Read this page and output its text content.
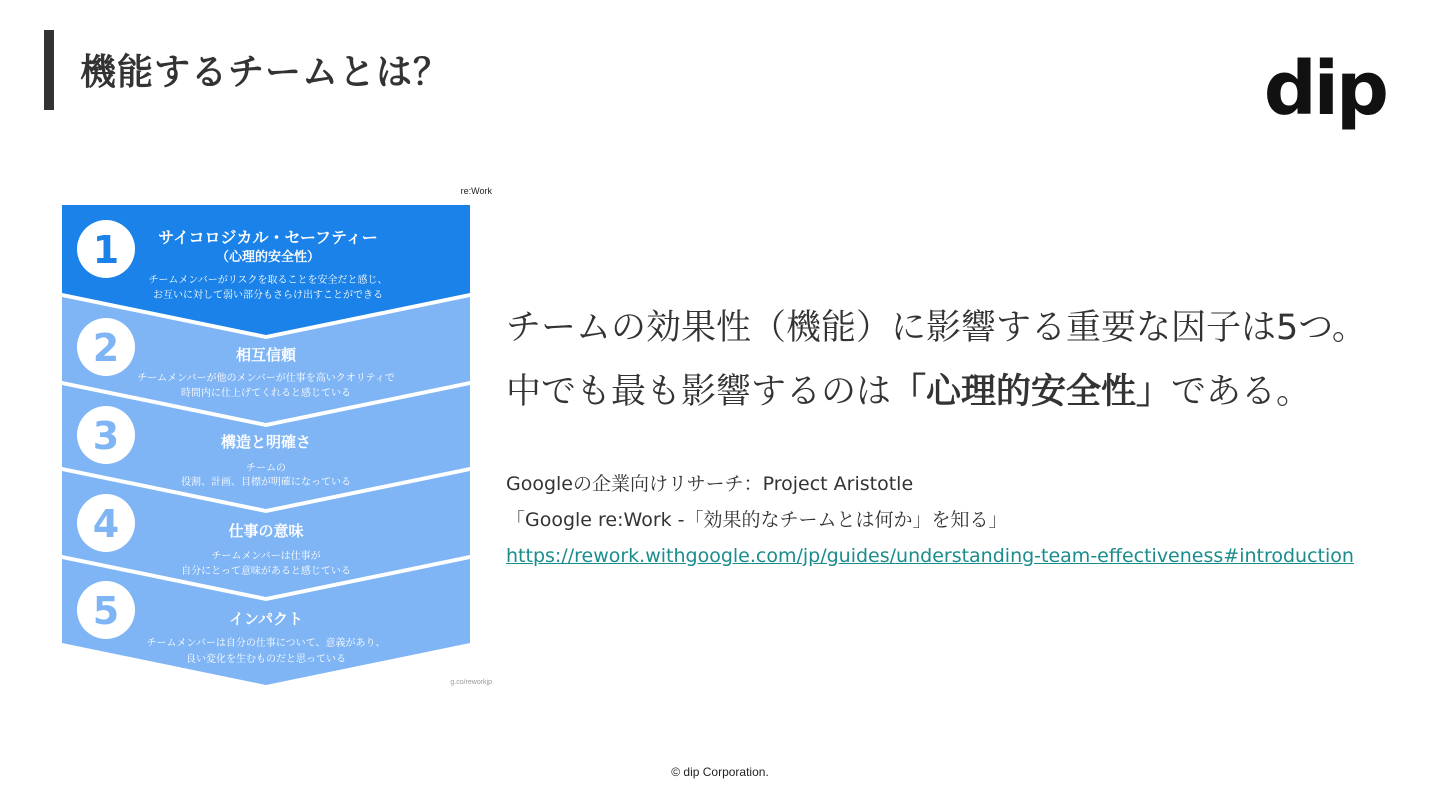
機能するチームとは？	dip
re:Work
1 サイコロジカル・セーフティー
（心理的安全性）
チームメンバーがリスクを取ることを安全だと感じ、
お互いに対して弱い部分もさらけ出すことができる
2	相互信頼
チームメンバーが他のメンバーが仕事を高いクオリティで
時間内に仕上げてくれると感じている
3	構造と明確さ
チームの
役割、計画、目標が明確になっている
4	仕事の意味
チームメンバーは仕事が
自分にとって意味があると感じている
5	インパクト
チームメンバーは自分の仕事について、意義があり、
良い変化を生むものだと思っている
g.co/reworkjp
チームの効果性（機能）に影響する重要な因子は5つ。
中でも最も影響するのは「心理的安全性」である。
Googleの企業向けリサーチ：Project Aristotle
「Google re:Work -「効果的なチームとは何か」を知る」
https://rework.withgoogle.com/jp/guides/understanding-team-effectiveness#introduction
© dip Corporation.
